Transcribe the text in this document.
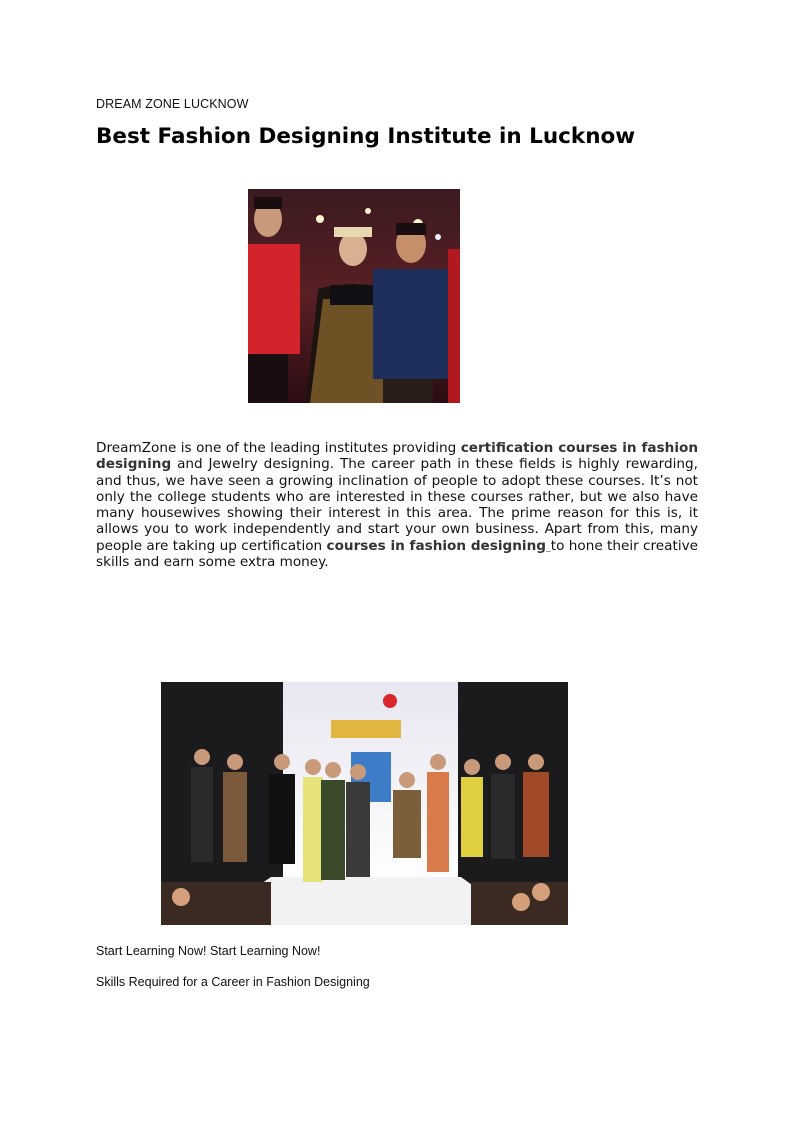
DREAM ZONE LUCKNOW
Best Fashion Designing Institute in Lucknow

DreamZone is one of the leading institutes providing certification courses in fashion designing and Jewelry designing. The career path in these fields is highly rewarding, and thus, we have seen a growing inclination of people to adopt these courses. It’s not only the college students who are interested in these courses rather, but we also have many housewives showing their interest in this area. The prime reason for this is, it allows you to work independently and start your own business. Apart from this, many people are taking up certification courses in fashion designing to hone their creative skills and earn some extra money.

Start Learning Now! Start Learning Now!
Skills Required for a Career in Fashion Designing
